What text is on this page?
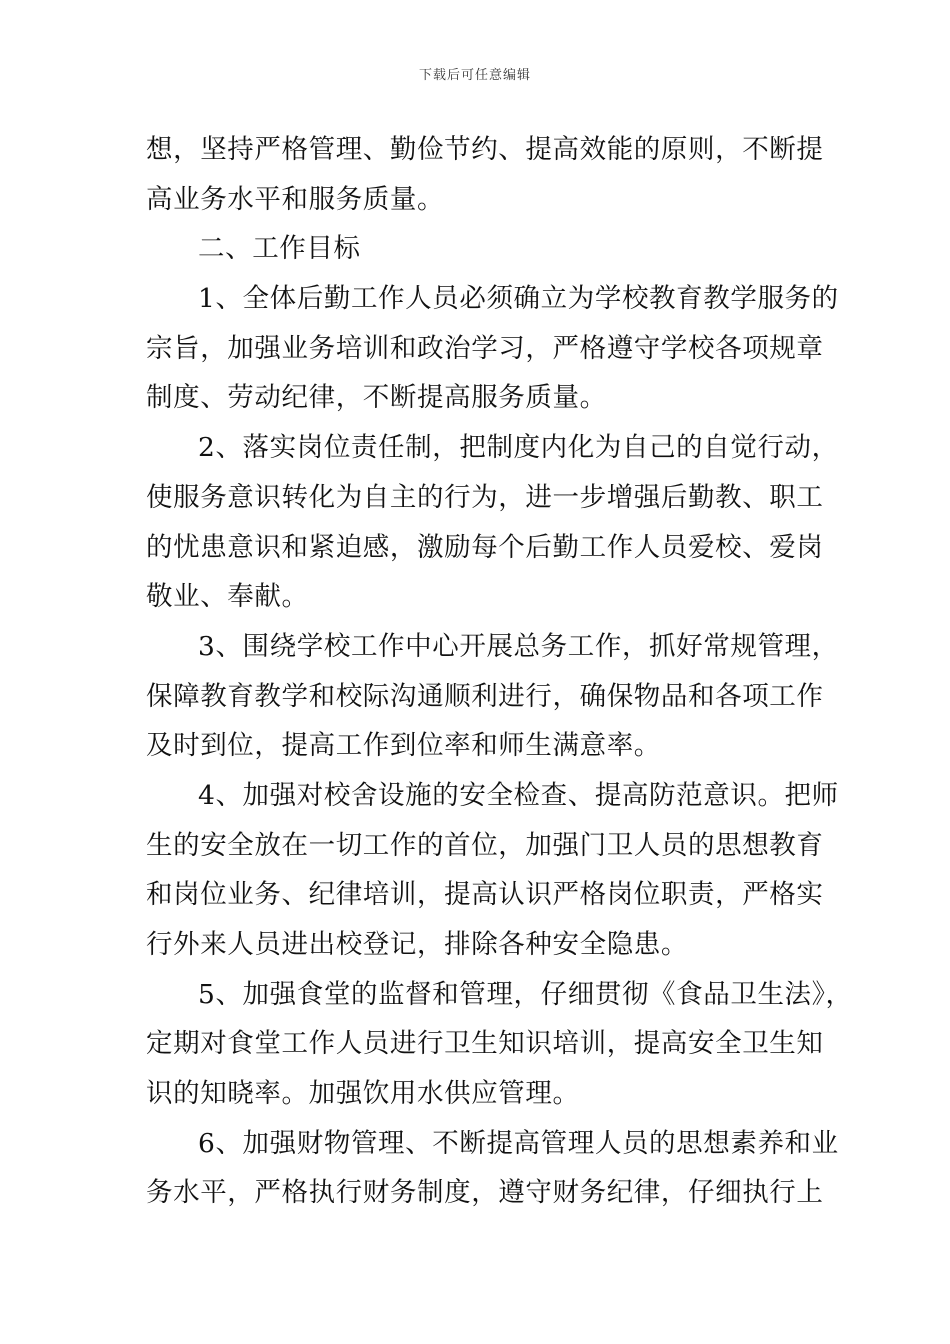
下载后可任意编辑
想，坚持严格管理、勤俭节约、提高效能的原则，不断提
高业务水平和服务质量。
二、工作目标
1、全体后勤工作人员必须确立为学校教育教学服务的
宗旨，加强业务培训和政治学习，严格遵守学校各项规章
制度、劳动纪律，不断提高服务质量。
2、落实岗位责任制，把制度内化为自己的自觉行动，
使服务意识转化为自主的行为，进一步增强后勤教、职工
的忧患意识和紧迫感，激励每个后勤工作人员爱校、爱岗
敬业、奉献。
3、围绕学校工作中心开展总务工作，抓好常规管理，
保障教育教学和校际沟通顺利进行，确保物品和各项工作
及时到位，提高工作到位率和师生满意率。
4、加强对校舍设施的安全检查、提高防范意识。把师
生的安全放在一切工作的首位，加强门卫人员的思想教育
和岗位业务、纪律培训，提高认识严格岗位职责，严格实
行外来人员进出校登记，排除各种安全隐患。
5、加强食堂的监督和管理，仔细贯彻《食品卫生法》，
定期对食堂工作人员进行卫生知识培训，提高安全卫生知
识的知晓率。加强饮用水供应管理。
6、加强财物管理、不断提高管理人员的思想素养和业
务水平，严格执行财务制度，遵守财务纪律，仔细执行上
